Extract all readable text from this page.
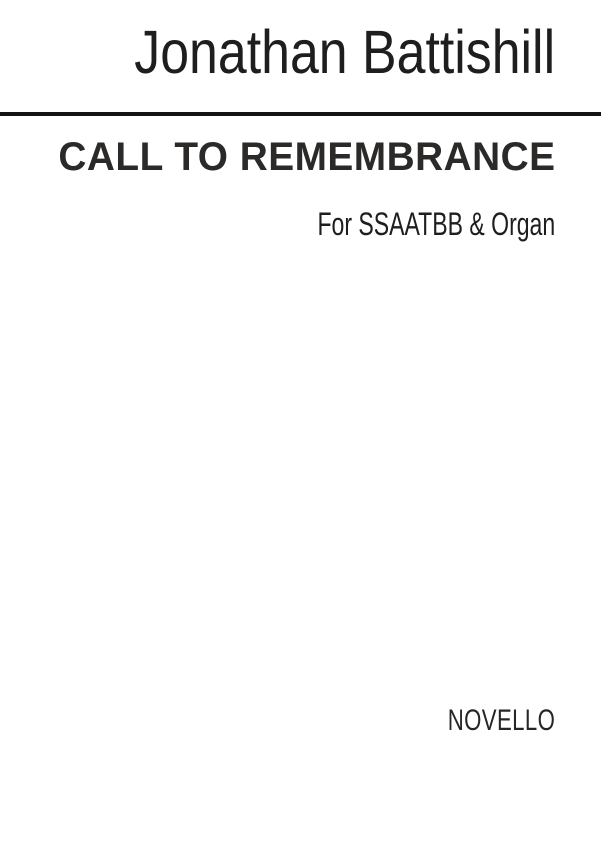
Jonathan Battishill
CALL TO REMEMBRANCE
For SSAATBB & Organ
NOVELLO
